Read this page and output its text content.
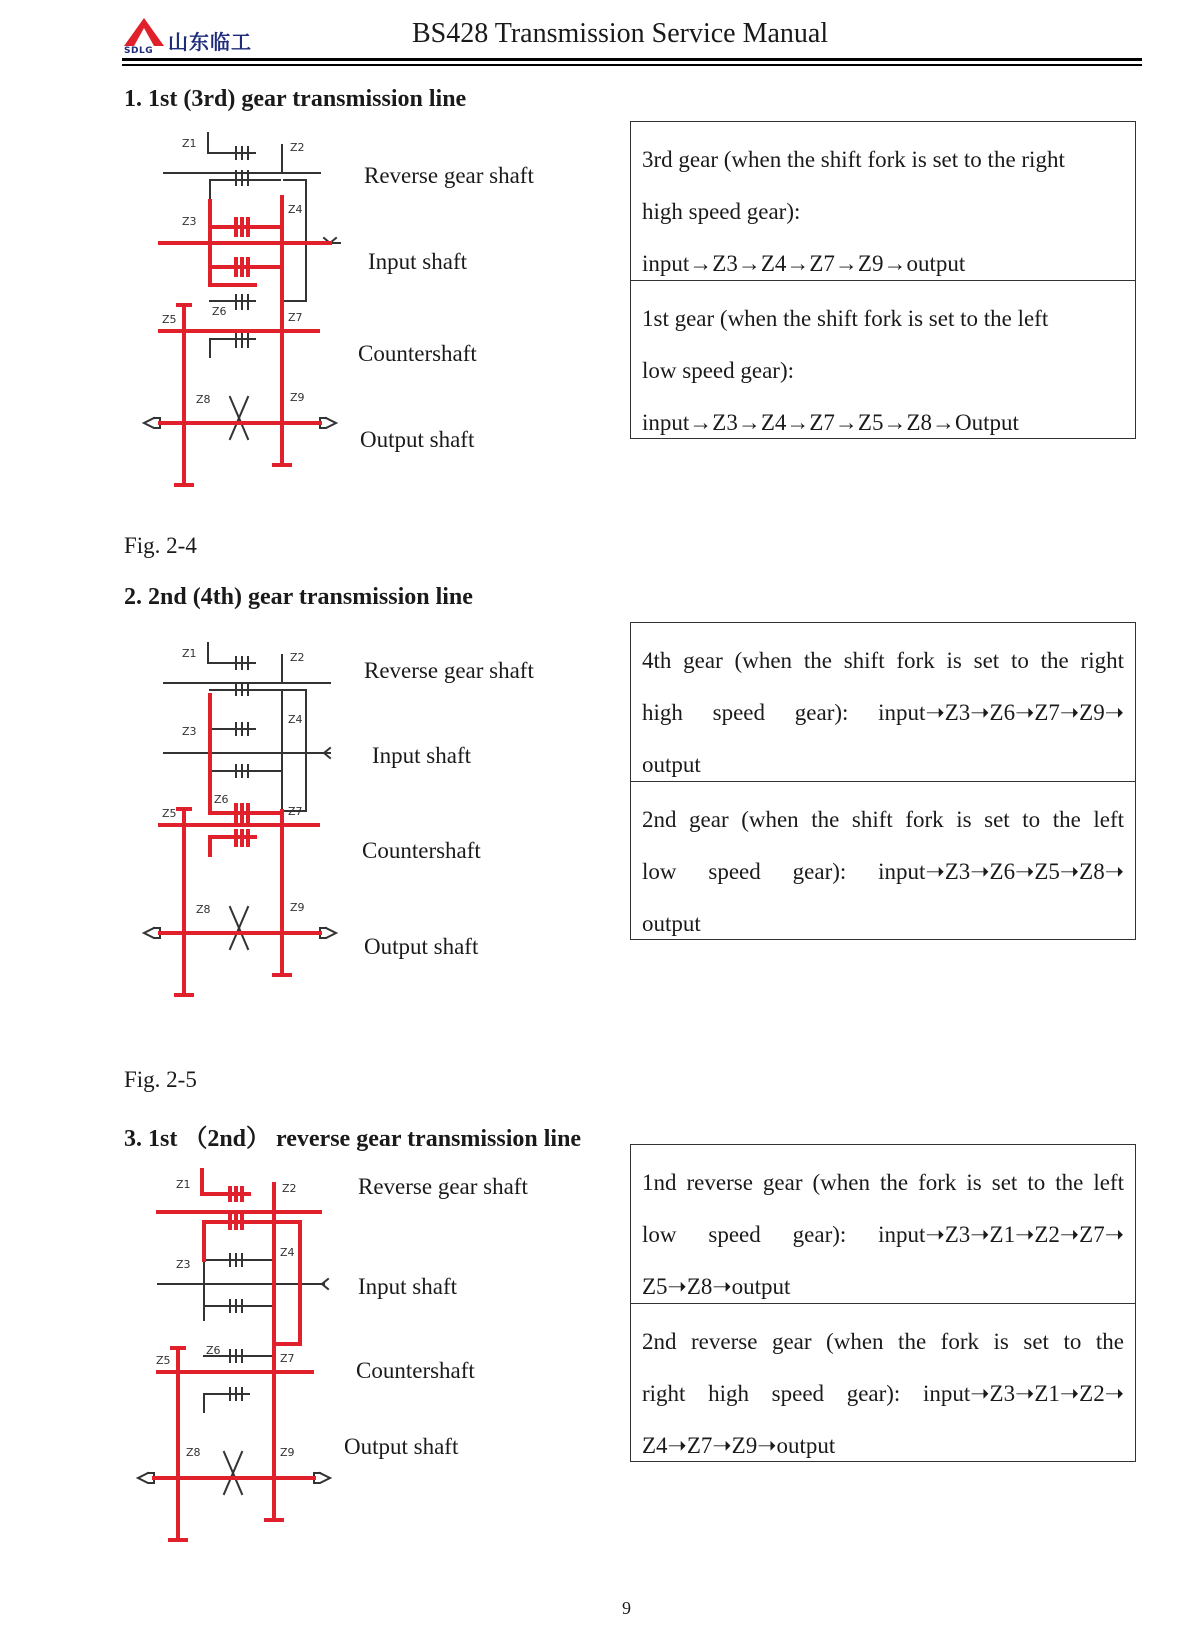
山东临工
SDLG
BS428 Transmission Service Manual
1. 1st (3rd) gear transmission line
Z1	Z2
Z3
Z4
Z5
Z6	Z7
Z8	Z9
Reverse gear shaft
Input shaft
Countershaft
Output shaft
3rd gear (when the shift fork is set to the right
high speed gear):
input→Z3→Z4→Z7→Z9→output
1st gear (when the shift fork is set to the left
low speed gear):
input→Z3→Z4→Z7→Z5→Z8→Output
Fig. 2-4
2. 2nd (4th) gear transmission line
Z1	Z2
Z3
Z4
Z5
Z6
Z7
Z8	Z9
Reverse gear shaft
Input shaft
Countershaft
Output shaft
4th gear (when the shift fork is set to the right
high speed gear): input➝Z3➝Z6➝Z7➝Z9➝
output
2nd gear (when the shift fork is set to the left
low speed gear): input➝Z3➝Z6➝Z5➝Z8➝
output
Fig. 2-5
3. 1st （2nd） reverse gear transmission line
Z1	Z2
Z3
Z4
Z5
Z6
Z7
Z8	Z9
Reverse gear shaft
Input shaft
Countershaft
Output shaft
1nd reverse gear (when the fork is set to the left
low speed gear): input➝Z3➝Z1➝Z2➝Z7➝
Z5➝Z8➝output
2nd reverse gear (when the fork is set to the
right high speed gear): input➝Z3➝Z1➝Z2➝
Z4➝Z7➝Z9➝output
9
